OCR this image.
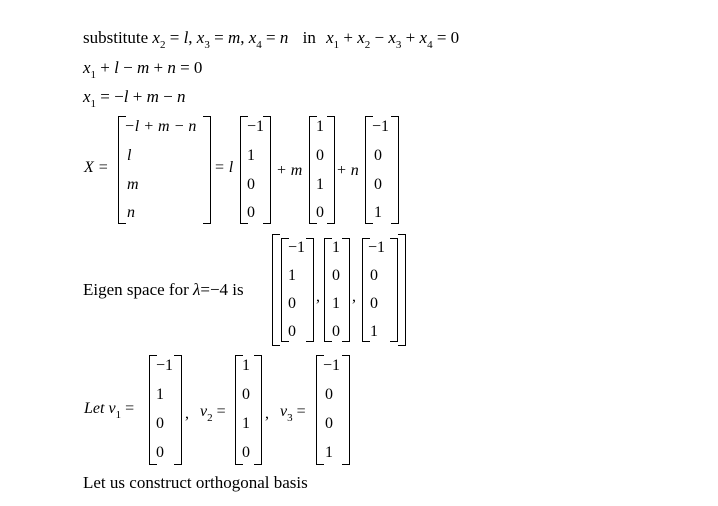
substitute $x_2 = l$, $x_3 = m$, $x_4 = n$ in $x_1 + x_2 - x_3 + x_4 = 0$
$x_1 + l - m + n = 0$
$x_1 = -l + m - n$
X =
−l + m − n
l
m
n
= l
−1
1
0
0
+ m
1
0
1
0
+ n
−1
0
0
1
Eigen space for λ=−4 is
−1
1
0
0
,
1
0
1
0
,
−1
0
0
1
Let $v_1$ =
−1
1
0
0
, $v_2$ =
1
0
1
0
, $v_3$ =
−1
0
0
1
Let us construct orthogonal basis
